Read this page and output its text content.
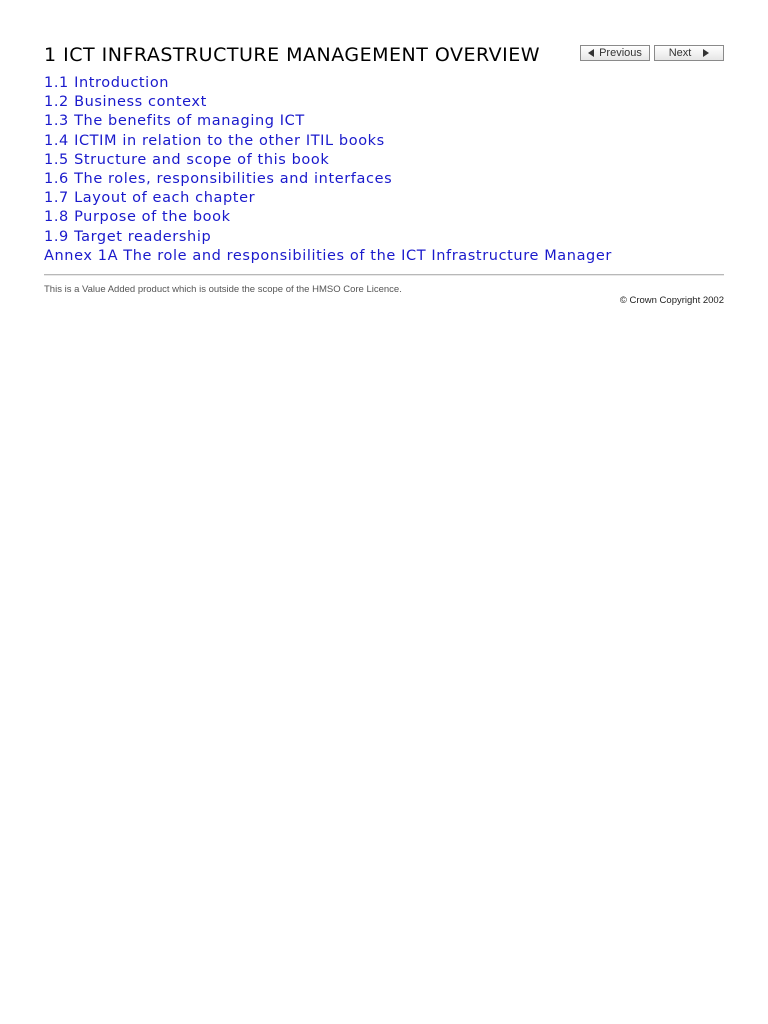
1 ICT INFRASTRUCTURE MANAGEMENT OVERVIEW	Previous Next
1.1 Introduction
1.2 Business context
1.3 The benefits of managing ICT
1.4 ICTIM in relation to the other ITIL books
1.5 Structure and scope of this book
1.6 The roles, responsibilities and interfaces
1.7 Layout of each chapter
1.8 Purpose of the book
1.9 Target readership
Annex 1A The role and responsibilities of the ICT Infrastructure Manager
This is a Value Added product which is outside the scope of the HMSO Core Licence.
© Crown Copyright 2002
